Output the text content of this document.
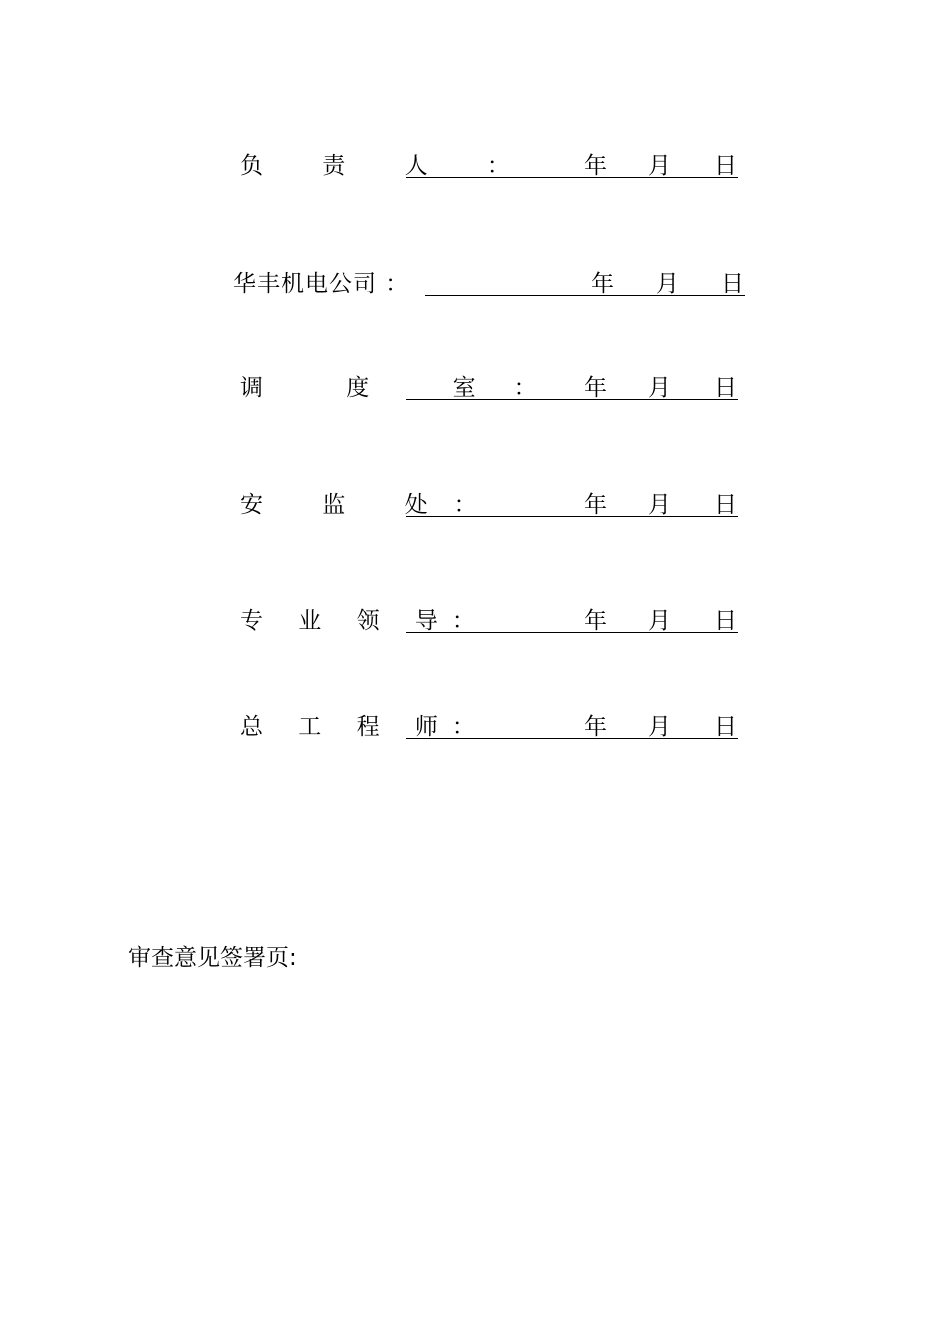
负 责 人 ： 年 月 日
华丰机电公司 ：	年 月 日
调 度 室： 年 月 日
安 监 处：	年 月 日
专 业 领 导：	年 月 日
总 工 程 师：	年 月 日
审查意见签署页:
